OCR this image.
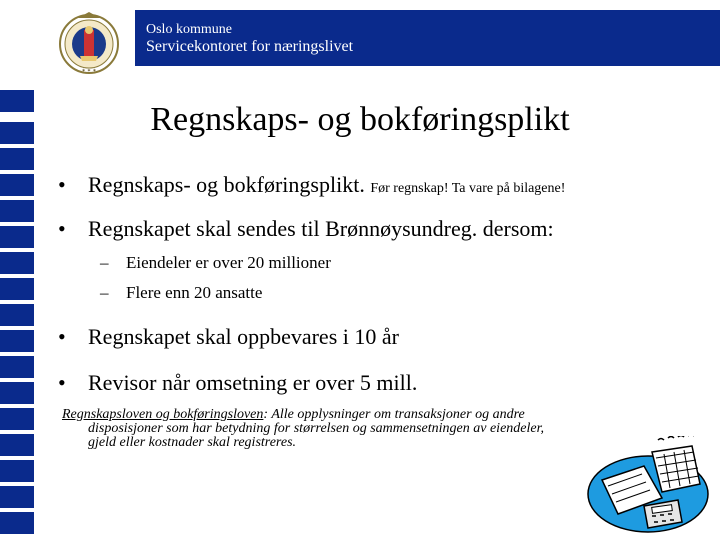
Oslo kommune
Servicekontoret for næringslivet
✶ ✶ ✶
Regnskaps- og bokføringsplikt
• Regnskaps- og bokføringsplikt. Før regnskap! Ta vare på bilagene!
• Regnskapet skal sendes til Brønnøysundreg. dersom:
– Eiendeler er over 20 millioner
– Flere enn 20 ansatte
• Regnskapet skal oppbevares i 10 år
• Revisor når omsetning er over 5 mill.
Regnskapsloven og bokføringsloven: Alle opplysninger om transaksjoner og andre
disposisjoner som har betydning for størrelsen og sammensetningen av eiendeler,
gjeld eller kostnader skal registreres.
